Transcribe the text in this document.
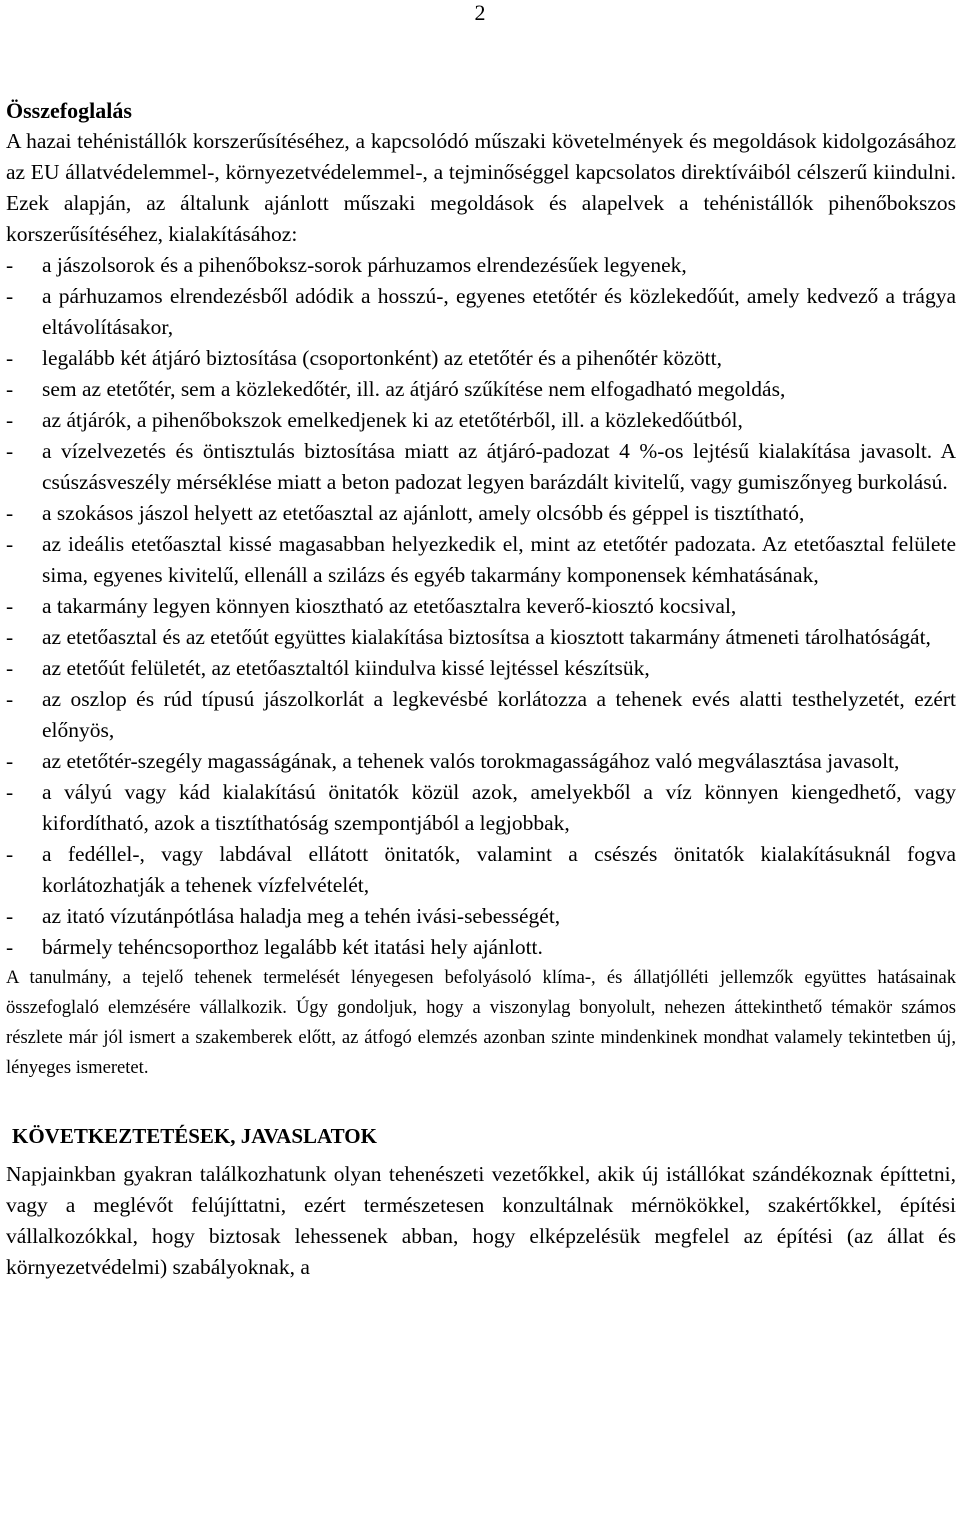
2
Összefoglalás

A hazai tehénistállók korszerűsítéséhez, a kapcsolódó műszaki követelmények és megoldások kidolgozásához az EU állatvédelemmel-, környezetvédelemmel-, a tejminőséggel kapcsolatos direktíváiból célszerű kiindulni. Ezek alapján, az általunk ajánlott műszaki megoldások és alapelvek a tehénistállók pihenőbokszos korszerűsítéséhez, kialakításához:

- a jászolsorok és a pihenőboksz-sorok párhuzamos elrendezésűek legyenek,
- a párhuzamos elrendezésből adódik a hosszú-, egyenes etetőtér és közlekedőút, amely kedvező a trágya eltávolításakor,
- legalább két átjáró biztosítása (csoportonként) az etetőtér és a pihenőtér között,
- sem az etetőtér, sem a közlekedőtér, ill. az átjáró szűkítése nem elfogadható megoldás,
- az átjárók, a pihenőbokszok emelkedjenek ki az etetőtérből, ill. a közlekedőútból,
- a vízelvezetés és öntisztulás biztosítása miatt az átjáró-padozat 4 %-os lejtésű kialakítása javasolt. A csúszásveszély mérséklése miatt a beton padozat legyen barázdált kivitelű, vagy gumiszőnyeg burkolású.
- a szokásos jászol helyett az etetőasztal az ajánlott, amely olcsóbb és géppel is tisztítható,
- az ideális etetőasztal kissé magasabban helyezkedik el, mint az etetőtér padozata. Az etetőasztal felülete sima, egyenes kivitelű, ellenáll a szilázs és egyéb takarmány komponensek kémhatásának,
- a takarmány legyen könnyen kiosztható az etetőasztalra keverő-kiosztó kocsival,
- az etetőasztal és az etetőút együttes kialakítása biztosítsa a kiosztott takarmány átmeneti tárolhatóságát,
- az etetőút felületét, az etetőasztaltól kiindulva kissé lejtéssel készítsük,
- az oszlop és rúd típusú jászolkorlát a legkevésbé korlátozza a tehenek evés alatti testhelyzetét, ezért előnyös,
- az etetőtér-szegély magasságának, a tehenek valós torokmagasságához való megválasztása javasolt,
- a vályú vagy kád kialakítású önitatók közül azok, amelyekből a víz könnyen kiengedhető, vagy kifordítható, azok a tisztíthatóság szempontjából a legjobbak,
- a fedéllel-, vagy labdával ellátott önitatók, valamint a csészés önitatók kialakításuknál fogva korlátozhatják a tehenek vízfelvételét,
- az itató vízutánpótlása haladja meg a tehén ivási-sebességét,
- bármely tehéncsoporthoz legalább két itatási hely ajánlott.

A tanulmány, a tejelő tehenek termelését lényegesen befolyásoló klíma-, és állatjólléti jellemzők együttes hatásainak összefoglaló elemzésére vállalkozik. Úgy gondoljuk, hogy a viszonylag bonyolult, nehezen áttekinthető témakör számos részlete már jól ismert a szakemberek előtt, az átfogó elemzés azonban szinte mindenkinek mondhat valamely tekintetben új, lényeges ismeretet.

KÖVETKEZTETÉSEK, JAVASLATOK

Napjainkban gyakran találkozhatunk olyan tehenészeti vezetőkkel, akik új istállókat szándékoznak építtetni, vagy a meglévőt felújíttatni, ezért természetesen konzultálnak mérnökökkel, szakértőkkel, építési vállalkozókkal, hogy biztosak lehessenek abban, hogy elképzelésük megfelel az építési (az állat és környezetvédelmi) szabályoknak, a
